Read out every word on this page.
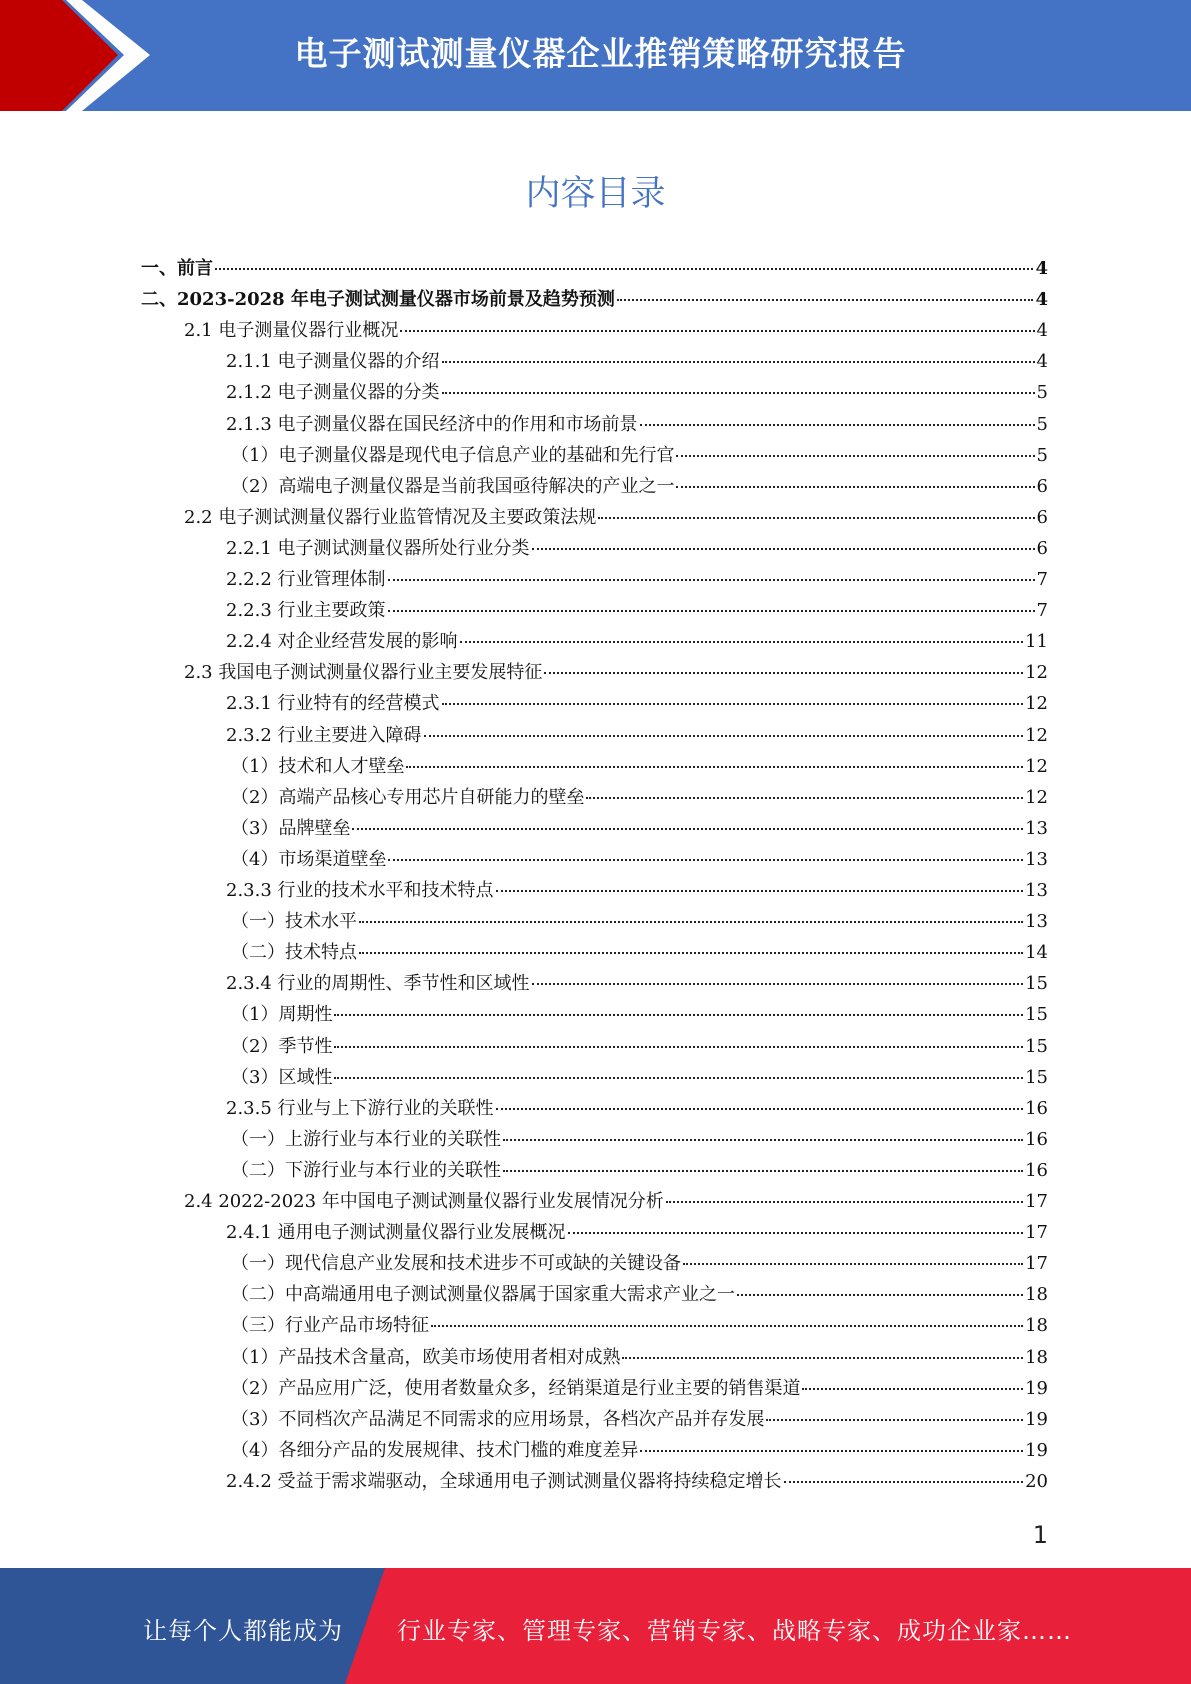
电子测试测量仪器企业推销策略研究报告
内容目录
一、前言	4
二、2023-2028 年电子测试测量仪器市场前景及趋势预测	4
2.1 电子测量仪器行业概况	4
2.1.1 电子测量仪器的介绍	4
2.1.2 电子测量仪器的分类	5
2.1.3 电子测量仪器在国民经济中的作用和市场前景	5
（1）电子测量仪器是现代电子信息产业的基础和先行官	5
（2）高端电子测量仪器是当前我国亟待解决的产业之一	6
2.2 电子测试测量仪器行业监管情况及主要政策法规	6
2.2.1 电子测试测量仪器所处行业分类	6
2.2.2 行业管理体制	7
2.2.3 行业主要政策	7
2.2.4 对企业经营发展的影响	11
2.3 我国电子测试测量仪器行业主要发展特征	12
2.3.1 行业特有的经营模式	12
2.3.2 行业主要进入障碍	12
（1）技术和人才壁垒	12
（2）高端产品核心专用芯片自研能力的壁垒	12
（3）品牌壁垒	13
（4）市场渠道壁垒	13
2.3.3 行业的技术水平和技术特点	13
（一）技术水平	13
（二）技术特点	14
2.3.4 行业的周期性、季节性和区域性	15
（1）周期性	15
（2）季节性	15
（3）区域性	15
2.3.5 行业与上下游行业的关联性	16
（一）上游行业与本行业的关联性	16
（二）下游行业与本行业的关联性	16
2.4 2022-2023 年中国电子测试测量仪器行业发展情况分析	17
2.4.1 通用电子测试测量仪器行业发展概况	17
（一）现代信息产业发展和技术进步不可或缺的关键设备	17
（二）中高端通用电子测试测量仪器属于国家重大需求产业之一	18
（三）行业产品市场特征	18
（1）产品技术含量高，欧美市场使用者相对成熟	18
（2）产品应用广泛，使用者数量众多，经销渠道是行业主要的销售渠道	19
（3）不同档次产品满足不同需求的应用场景，各档次产品并存发展	19
（4）各细分产品的发展规律、技术门槛的难度差异	19
2.4.2 受益于需求端驱动，全球通用电子测试测量仪器将持续稳定增长	20
1
让每个人都能成为 行业专家、管理专家、营销专家、战略专家、成功企业家……
